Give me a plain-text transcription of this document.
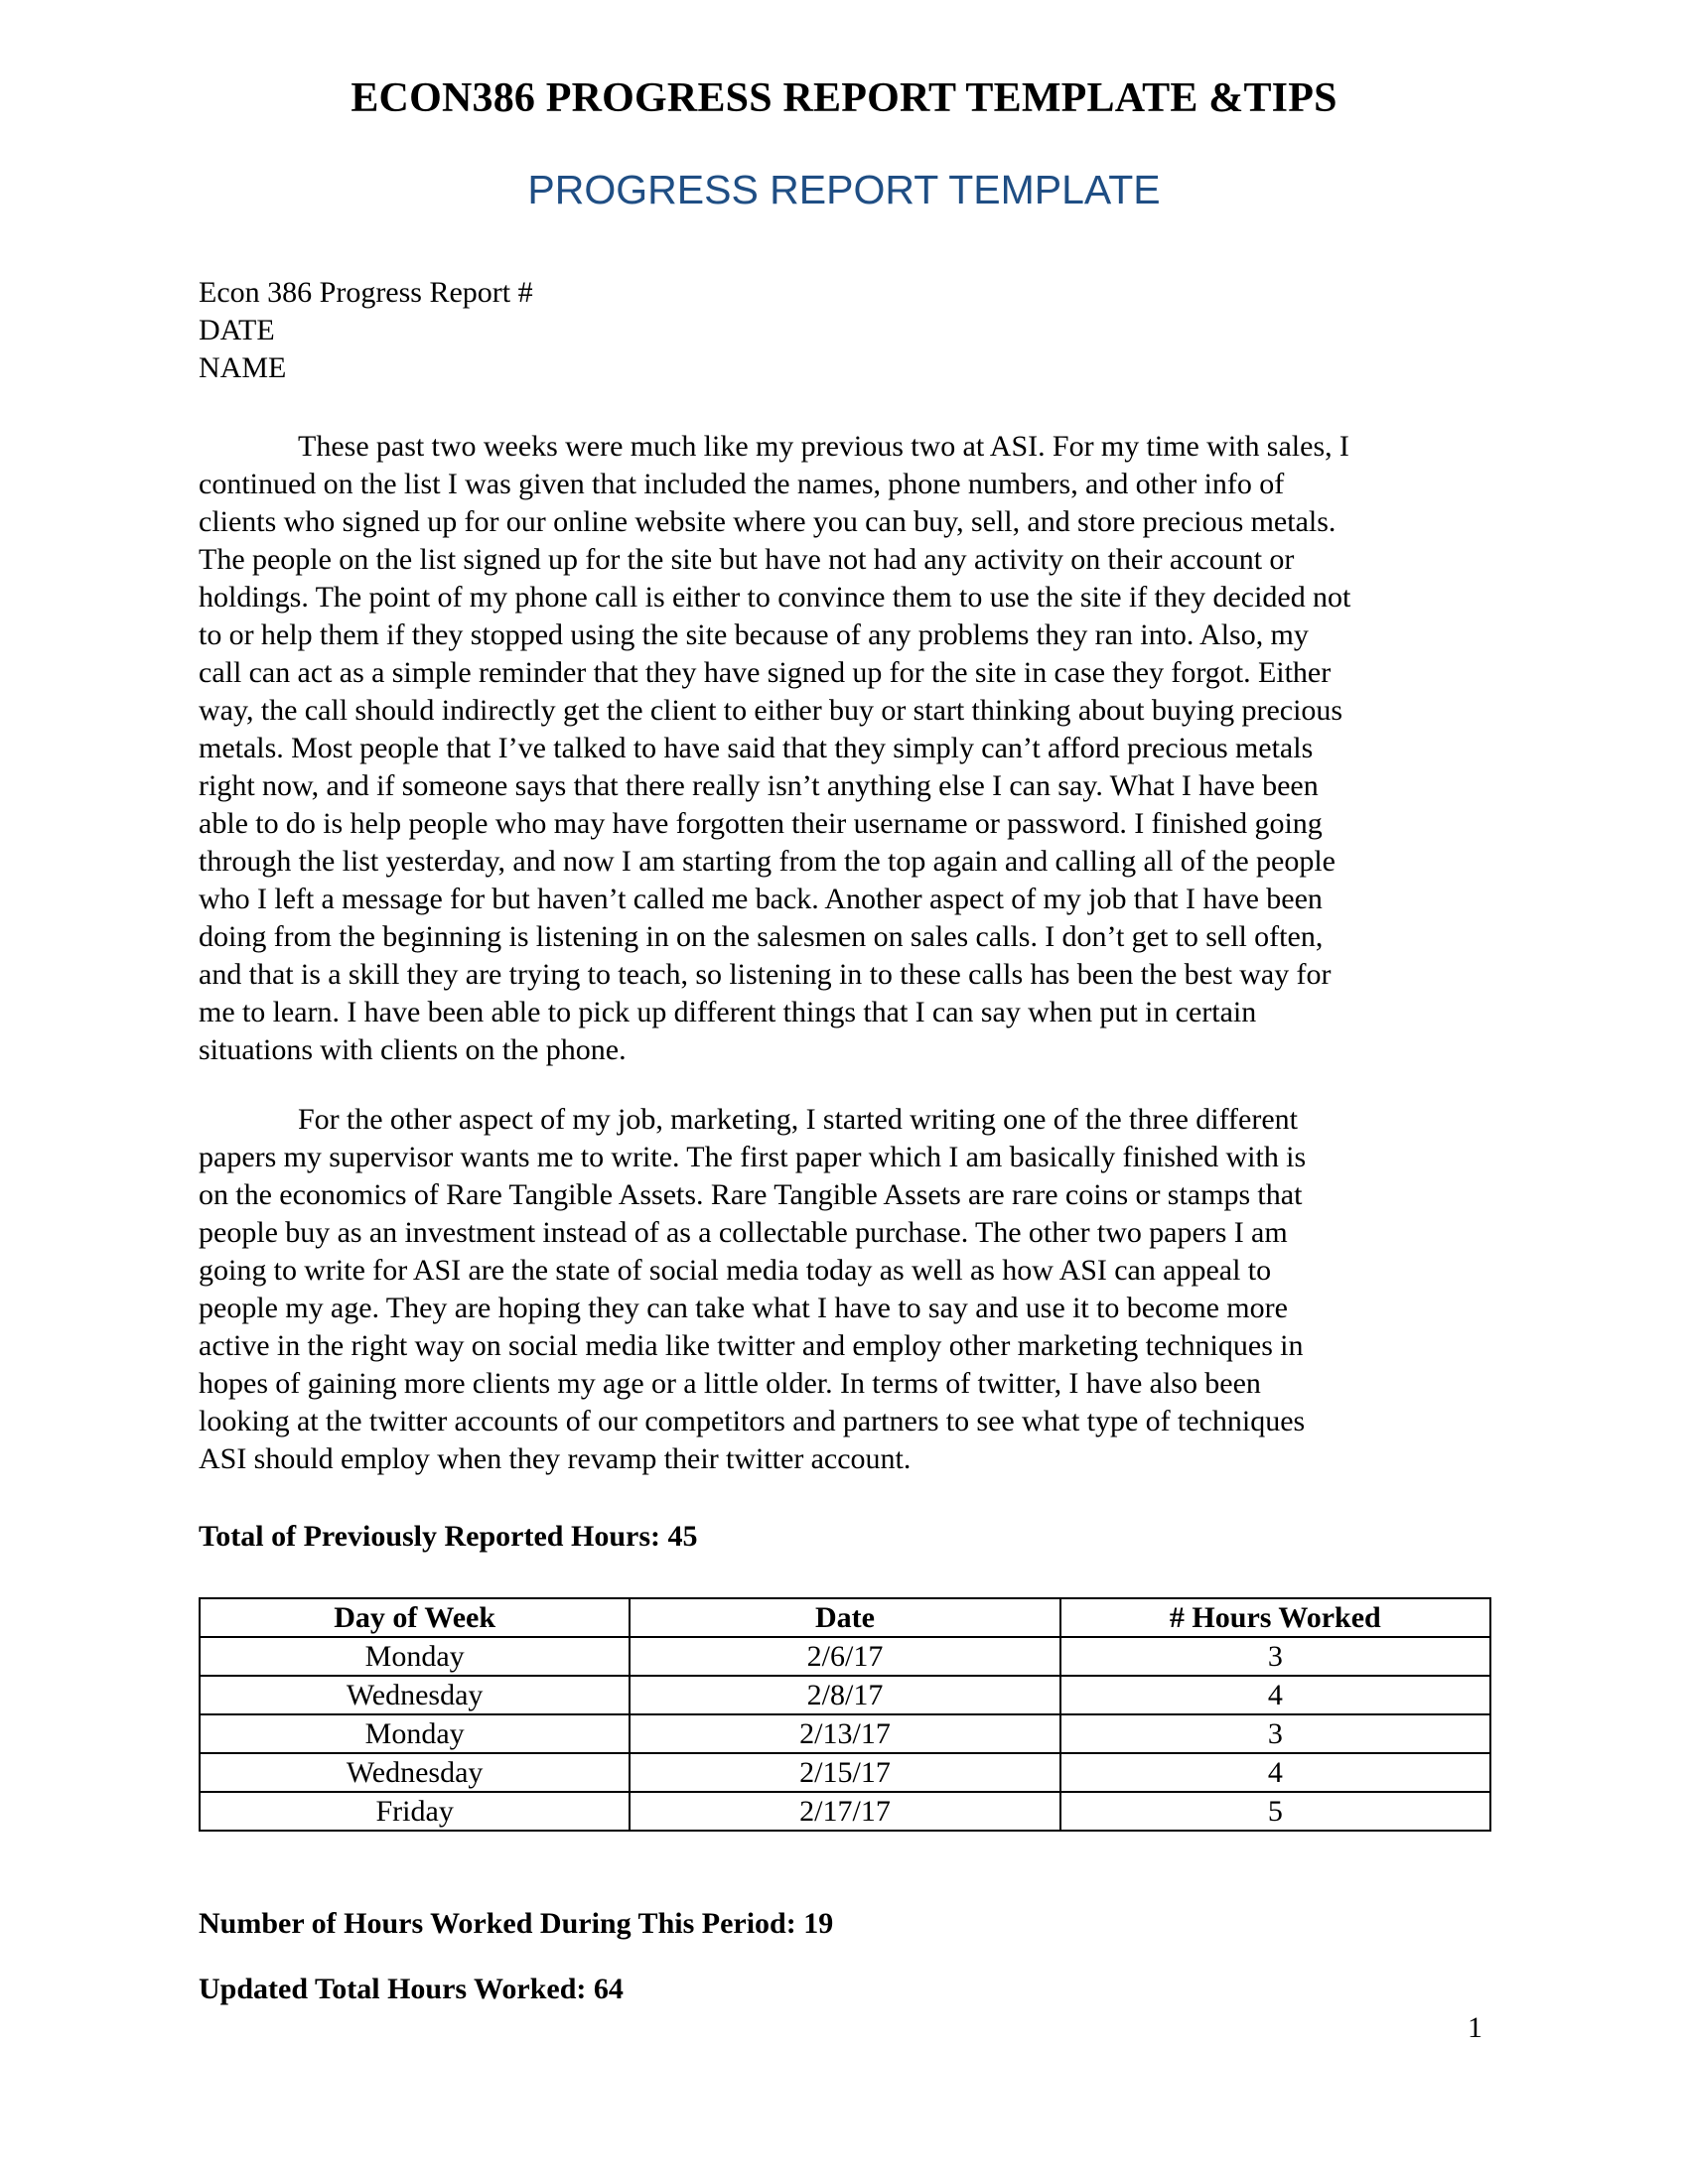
ECON386 PROGRESS REPORT TEMPLATE &TIPS
PROGRESS REPORT TEMPLATE
Econ 386 Progress Report #
DATE
NAME
These past two weeks were much like my previous two at ASI. For my time with sales, I
continued on the list I was given that included the names, phone numbers, and other info of
clients who signed up for our online website where you can buy, sell, and store precious metals.
The people on the list signed up for the site but have not had any activity on their account or
holdings. The point of my phone call is either to convince them to use the site if they decided not
to or help them if they stopped using the site because of any problems they ran into. Also, my
call can act as a simple reminder that they have signed up for the site in case they forgot. Either
way, the call should indirectly get the client to either buy or start thinking about buying precious
metals. Most people that I’ve talked to have said that they simply can’t afford precious metals
right now, and if someone says that there really isn’t anything else I can say. What I have been
able to do is help people who may have forgotten their username or password. I finished going
through the list yesterday, and now I am starting from the top again and calling all of the people
who I left a message for but haven’t called me back. Another aspect of my job that I have been
doing from the beginning is listening in on the salesmen on sales calls. I don’t get to sell often,
and that is a skill they are trying to teach, so listening in to these calls has been the best way for
me to learn. I have been able to pick up different things that I can say when put in certain
situations with clients on the phone.
For the other aspect of my job, marketing, I started writing one of the three different
papers my supervisor wants me to write. The first paper which I am basically finished with is
on the economics of Rare Tangible Assets. Rare Tangible Assets are rare coins or stamps that
people buy as an investment instead of as a collectable purchase. The other two papers I am
going to write for ASI are the state of social media today as well as how ASI can appeal to
people my age. They are hoping they can take what I have to say and use it to become more
active in the right way on social media like twitter and employ other marketing techniques in
hopes of gaining more clients my age or a little older. In terms of twitter, I have also been
looking at the twitter accounts of our competitors and partners to see what type of techniques
ASI should employ when they revamp their twitter account.
Total of Previously Reported Hours: 45
Day of Week	Date	# Hours Worked
Monday	2/6/17	3
Wednesday	2/8/17	4
Monday	2/13/17	3
Wednesday	2/15/17	4
Friday	2/17/17	5
Number of Hours Worked During This Period: 19
Updated Total Hours Worked: 64
1
